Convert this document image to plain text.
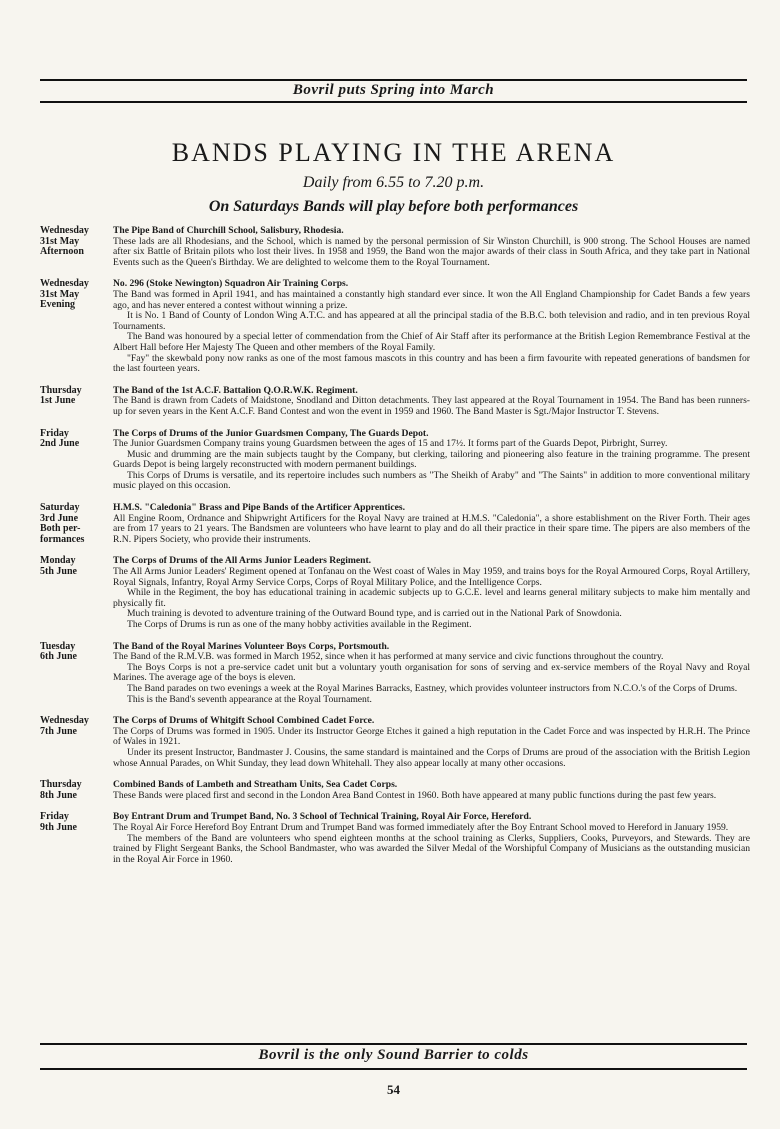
Bovril puts Spring into March
BANDS PLAYING IN THE ARENA
Daily from 6.55 to 7.20 p.m.
On Saturdays Bands will play before both performances
Wednesday
31st May
Afternoon

The Pipe Band of Churchill School, Salisbury, Rhodesia.

These lads are all Rhodesians, and the School, which is named by the personal permission of Sir Winston Churchill, is 900 strong. The School Houses are named after six Battle of Britain pilots who lost their lives. In 1958 and 1959, the Band won the major awards of their class in South Africa, and they take part in National Events such as the Queen's Birthday. We are delighted to welcome them to the Royal Tournament.

Wednesday
31st May
Evening

No. 296 (Stoke Newington) Squadron Air Training Corps.

The Band was formed in April 1941, and has maintained a constantly high standard ever since. It won the All England Championship for Cadet Bands a few years ago, and has never entered a contest without winning a prize.

It is No. 1 Band of County of London Wing A.T.C. and has appeared at all the principal stadia of the B.B.C. both television and radio, and in ten previous Royal Tournaments.

The Band was honoured by a special letter of commendation from the Chief of Air Staff after its performance at the British Legion Remembrance Festival at the Albert Hall before Her Majesty The Queen and other members of the Royal Family.

"Fay" the skewbald pony now ranks as one of the most famous mascots in this country and has been a firm favourite with repeated generations of bandsmen for the last fourteen years.

Thursday
1st June

The Band of the 1st A.C.F. Battalion Q.O.R.W.K. Regiment.

The Band is drawn from Cadets of Maidstone, Snodland and Ditton detachments. They last appeared at the Royal Tournament in 1954. The Band has been runners-up for seven years in the Kent A.C.F. Band Contest and won the event in 1959 and 1960. The Band Master is Sgt./Major Instructor T. Stevens.

Friday
2nd June

The Corps of Drums of the Junior Guardsmen Company, The Guards Depot.

The Junior Guardsmen Company trains young Guardsmen between the ages of 15 and 17½. It forms part of the Guards Depot, Pirbright, Surrey.

Music and drumming are the main subjects taught by the Company, but clerking, tailoring and pioneering also feature in the training programme. The present Guards Depot is being largely reconstructed with modern permanent buildings.

This Corps of Drums is versatile, and its repertoire includes such numbers as "The Sheikh of Araby" and "The Saints" in addition to more conventional military music played on this occasion.

Saturday
3rd June
Both per-
formances

H.M.S. "Caledonia" Brass and Pipe Bands of the Artificer Apprentices.

All Engine Room, Ordnance and Shipwright Artificers for the Royal Navy are trained at H.M.S. "Caledonia", a shore establishment on the River Forth. Their ages are from 17 years to 21 years. The Bandsmen are volunteers who have learnt to play and do all their practice in their spare time. The pipers are also members of the R.N. Pipers Society, who provide their instruments.

Monday
5th June

The Corps of Drums of the All Arms Junior Leaders Regiment.

The All Arms Junior Leaders' Regiment opened at Tonfanau on the West coast of Wales in May 1959, and trains boys for the Royal Armoured Corps, Royal Artillery, Royal Signals, Infantry, Royal Army Service Corps, Corps of Royal Military Police, and the Intelligence Corps.

While in the Regiment, the boy has educational training in academic subjects up to G.C.E. level and learns general military subjects to make him mentally and physically fit.

Much training is devoted to adventure training of the Outward Bound type, and is carried out in the National Park of Snowdonia.

The Corps of Drums is run as one of the many hobby activities available in the Regiment.

Tuesday
6th June

The Band of the Royal Marines Volunteer Boys Corps, Portsmouth.

The Band of the R.M.V.B. was formed in March 1952, since when it has performed at many service and civic functions throughout the country.

The Boys Corps is not a pre-service cadet unit but a voluntary youth organisation for sons of serving and ex-service members of the Royal Navy and Royal Marines. The average age of the boys is eleven.

The Band parades on two evenings a week at the Royal Marines Barracks, Eastney, which provides volunteer instructors from N.C.O.'s of the Corps of Drums.

This is the Band's seventh appearance at the Royal Tournament.

Wednesday
7th June

The Corps of Drums of Whitgift School Combined Cadet Force.

The Corps of Drums was formed in 1905. Under its Instructor George Etches it gained a high reputation in the Cadet Force and was inspected by H.R.H. The Prince of Wales in 1921.

Under its present Instructor, Bandmaster J. Cousins, the same standard is maintained and the Corps of Drums are proud of the association with the British Legion whose Annual Parades, on Whit Sunday, they lead down Whitehall. They also appear locally at many other occasions.

Thursday
8th June

Combined Bands of Lambeth and Streatham Units, Sea Cadet Corps.

These Bands were placed first and second in the London Area Band Contest in 1960. Both have appeared at many public functions during the past few years.

Friday
9th June

Boy Entrant Drum and Trumpet Band, No. 3 School of Technical Training, Royal Air Force, Hereford.

The Royal Air Force Hereford Boy Entrant Drum and Trumpet Band was formed immediately after the Boy Entrant School moved to Hereford in January 1959.

The members of the Band are volunteers who spend eighteen months at the school training as Clerks, Suppliers, Cooks, Purveyors, and Stewards. They are trained by Flight Sergeant Banks, the School Bandmaster, who was awarded the Silver Medal of the Worshipful Company of Musicians as the outstanding musician in the Royal Air Force in 1960.

Bovril is the only Sound Barrier to colds
54
